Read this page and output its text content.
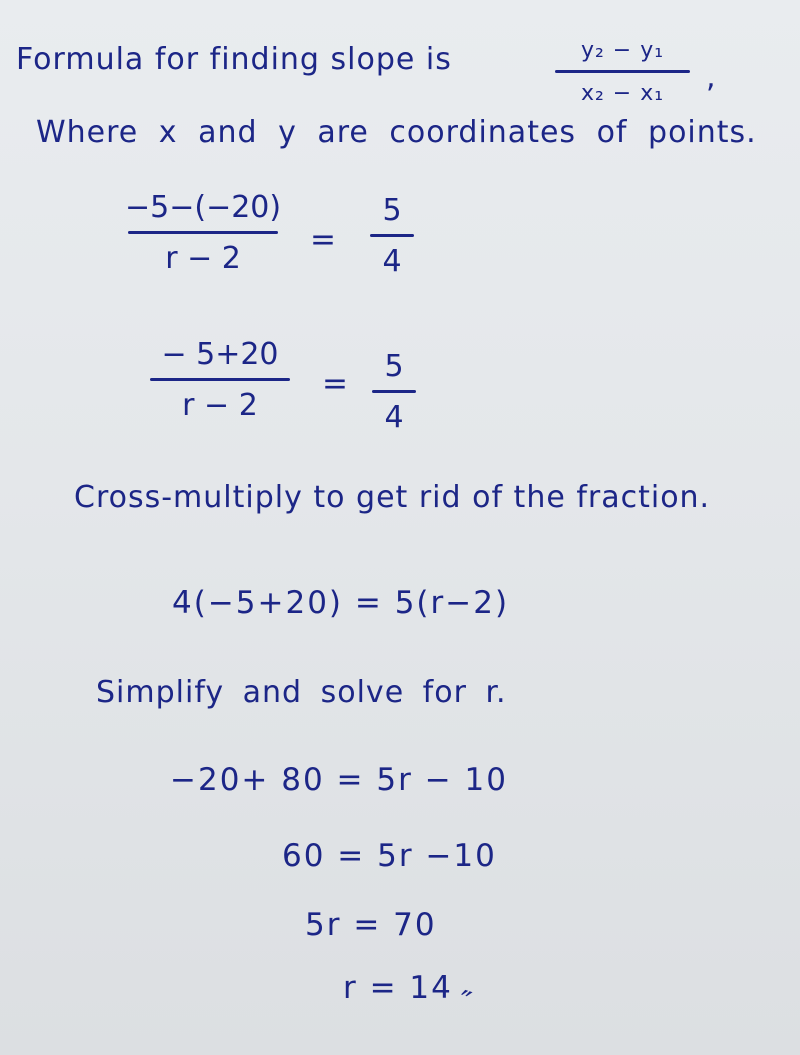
Formula for finding slope is	y₂ − y₁
x₂ − x₁ ,
Where x and y are coordinates of points.
−5−(−20)
r − 2
=
5
4
− 5+20
r − 2
= 5
4
Cross-multiply to get rid of the fraction.
4(−5+20) = 5(r−2)
Simplify and solve for r.
−20+ 80 = 5r − 10
60 = 5r −10
5r = 70
r = 14 ″
